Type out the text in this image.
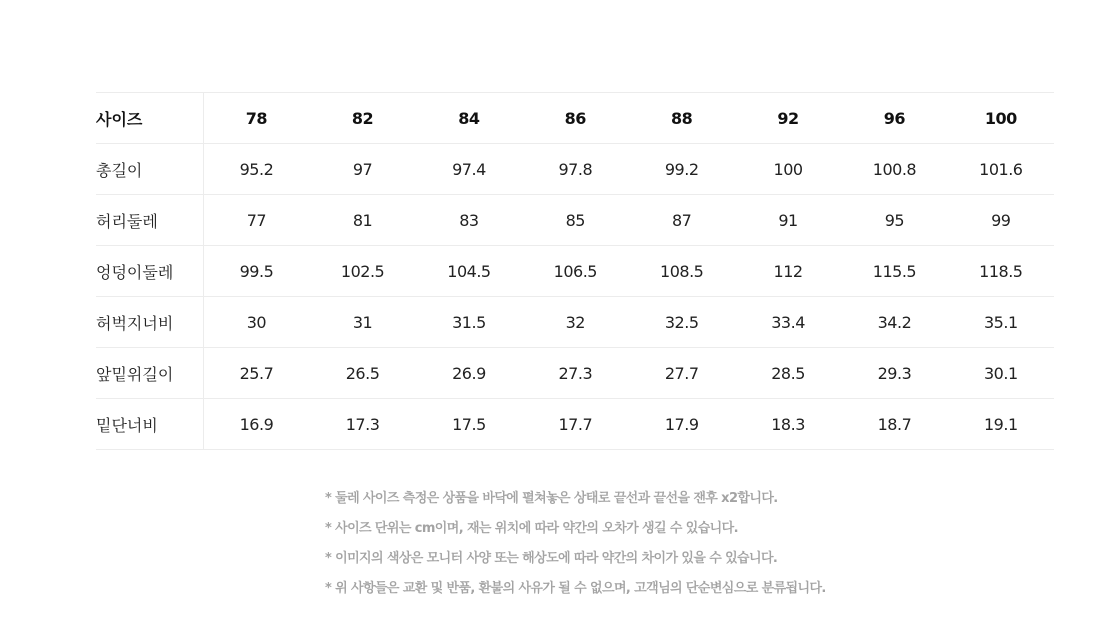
사이즈	78	82	84	86	88	92	96	100
총길이	95.2	97	97.4	97.8	99.2	100	100.8	101.6
허리둘레	77	81	83	85	87	91	95	99
엉덩이둘레	99.5	102.5	104.5	106.5	108.5	112	115.5	118.5
허벅지너비	30	31	31.5	32	32.5	33.4	34.2	35.1
앞밑위길이	25.7	26.5	26.9	27.3	27.7	28.5	29.3	30.1
밑단너비	16.9	17.3	17.5	17.7	17.9	18.3	18.7	19.1
* 둘레 사이즈 측정은 상품을 바닥에 펼쳐놓은 상태로 끝선과 끝선을 잰후 x2합니다.
* 사이즈 단위는 cm이며, 재는 위치에 따라 약간의 오차가 생길 수 있습니다.
* 이미지의 색상은 모니터 사양 또는 해상도에 따라 약간의 차이가 있을 수 있습니다.
* 위 사항들은 교환 및 반품, 환불의 사유가 될 수 없으며, 고객님의 단순변심으로 분류됩니다.
